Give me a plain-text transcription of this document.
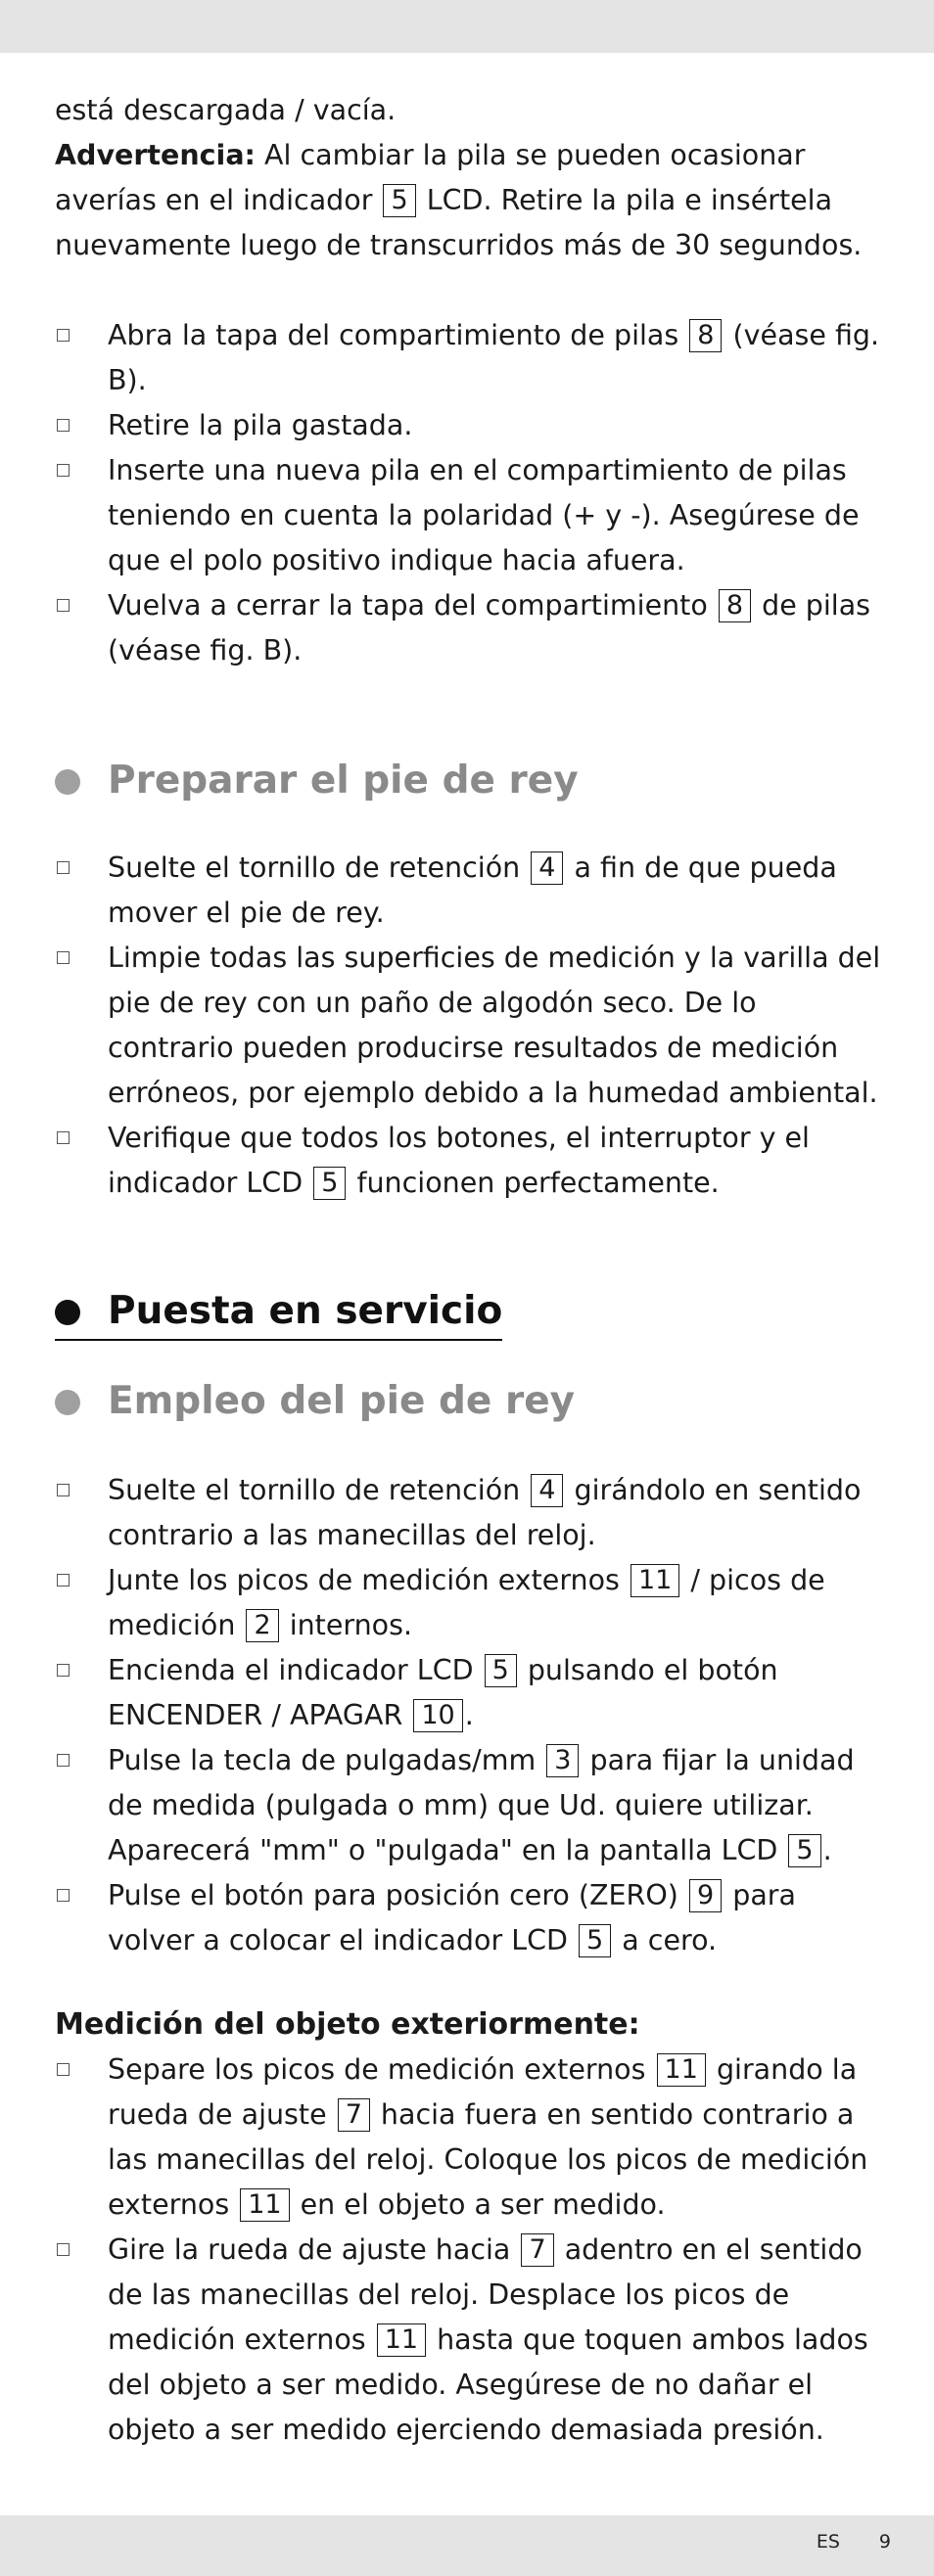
está descargada / vacía.

Advertencia: Al cambiar la pila se pueden ocasionar averías en el indicador 5 LCD. Retire la pila e insértela nuevamente luego de transcurridos más de 30 segundos.

Abra la tapa del compartimiento de pilas 8 (véase fig. B).
Retire la pila gastada.
Inserte una nueva pila en el compartimiento de pilas teniendo en cuenta la polaridad (+ y -). Asegúrese de que el polo positivo indique hacia afuera.
Vuelva a cerrar la tapa del compartimiento 8 de pilas (véase fig. B).
Preparar el pie de rey
Suelte el tornillo de retención 4 a fin de que pueda mover el pie de rey.
Limpie todas las superficies de medición y la varilla del pie de rey con un paño de algodón seco. De lo contrario pueden producirse resultados de medición erróneos, por ejemplo debido a la humedad ambiental.
Verifique que todos los botones, el interruptor y el indicador LCD 5 funcionen perfectamente.
Puesta en servicio
Empleo del pie de rey
Suelte el tornillo de retención 4 girándolo en sentido contrario a las manecillas del reloj.
Junte los picos de medición externos 11 / picos de medición 2 internos.
Encienda el indicador LCD 5 pulsando el botón ENCENDER / APAGAR 10 .
Pulse la tecla de pulgadas/mm 3 para fijar la unidad de medida (pulgada o mm) que Ud. quiere utilizar. Aparecerá "mm" o "pulgada" en la pantalla LCD 5 .
Pulse el botón para posición cero (ZERO) 9 para volver a colocar el indicador LCD 5 a cero.

Medición del objeto exteriormente:

Separe los picos de medición externos 11 girando la rueda de ajuste 7 hacia fuera en sentido contrario a las manecillas del reloj. Coloque los picos de medición externos 11 en el objeto a ser medido.
Gire la rueda de ajuste hacia 7 adentro en el sentido de las manecillas del reloj. Desplace los picos de medición externos 11 hasta que toquen ambos lados del objeto a ser medido. Asegúrese de no dañar el objeto a ser medido ejerciendo demasiada presión.
ES 9
